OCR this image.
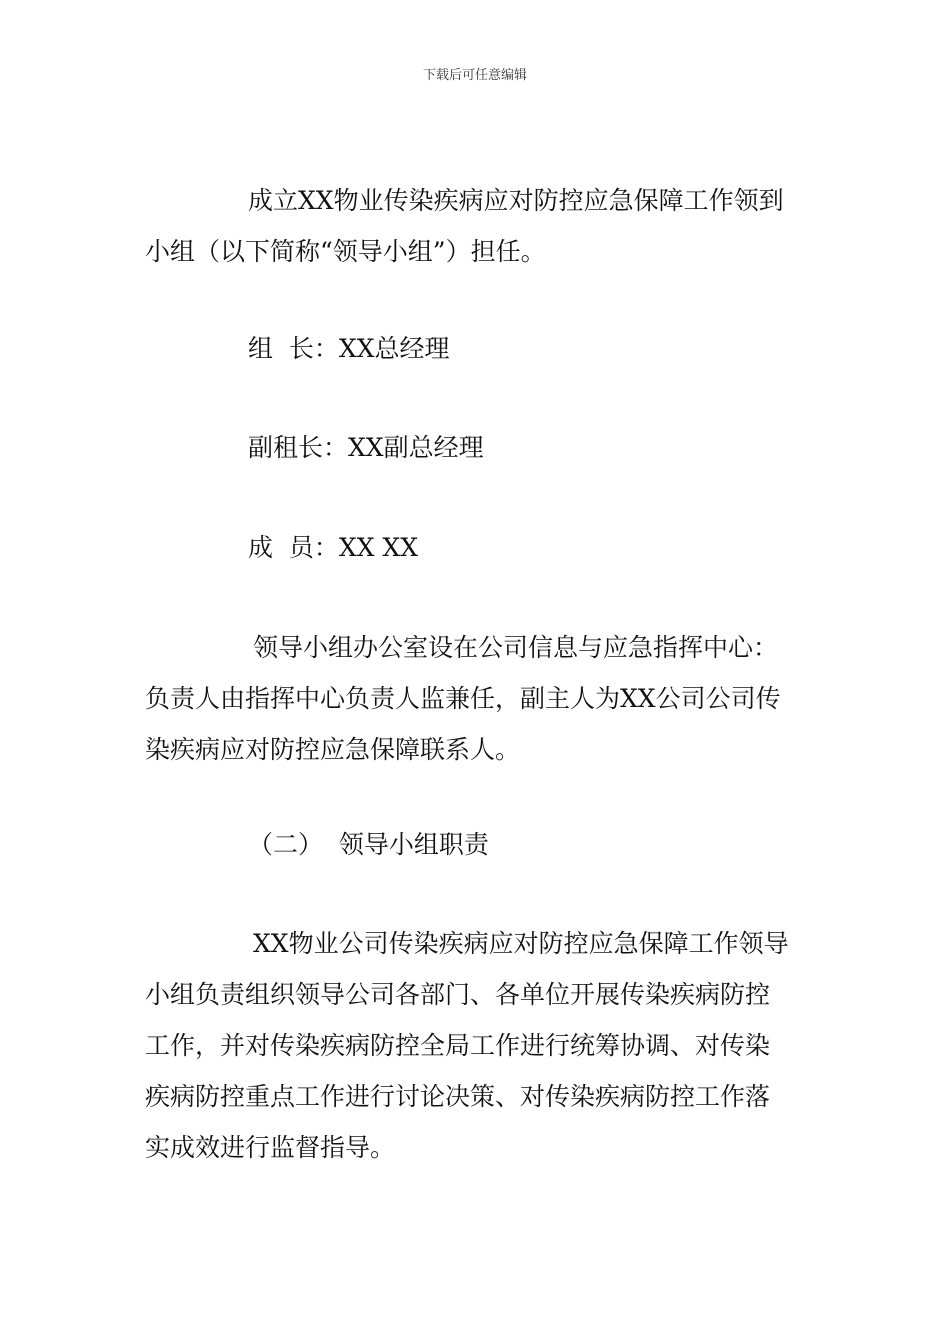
下载后可任意编辑
成立XX物业传染疾病应对防控应急保障工作领到
小组（以下简称“领导小组”）担任。
组  长：XX总经理
副租长：XX副总经理
成  员：XX XX
领导小组办公室设在公司信息与应急指挥中心：
负责人由指挥中心负责人监兼任，副主人为XX公司公司传
染疾病应对防控应急保障联系人。
（二）  领导小组职责
XX物业公司传染疾病应对防控应急保障工作领导
小组负责组织领导公司各部门、各单位开展传染疾病防控
工作，并对传染疾病防控全局工作进行统筹协调、对传染
疾病防控重点工作进行讨论决策、对传染疾病防控工作落
实成效进行监督指导。
